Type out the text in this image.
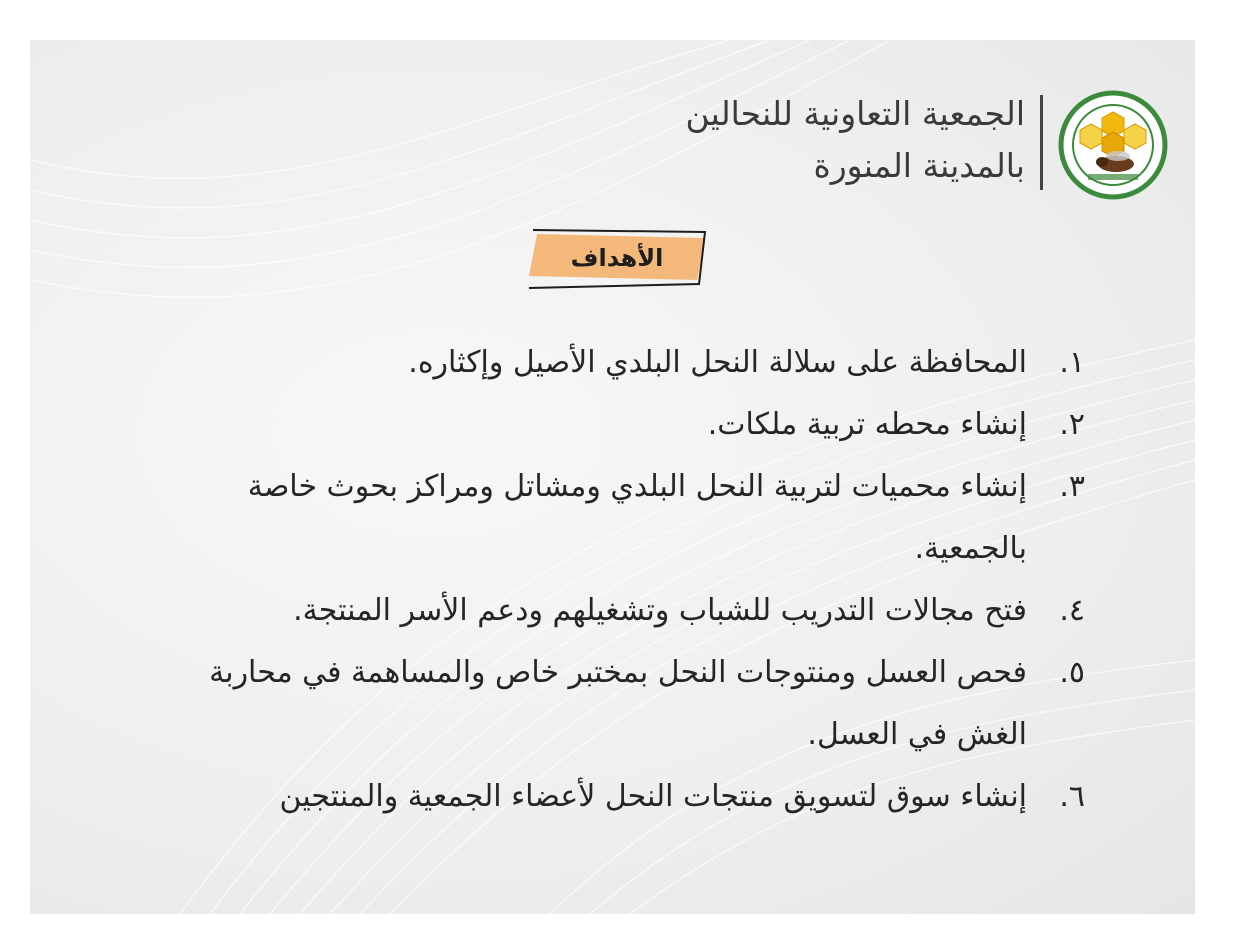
الجمعية التعاونية للنحالين
بالمدينة المنورة
الأهداف
١.
المحافظة على سلالة النحل البلدي الأصيل وإكثاره.
٢.
إنشاء محطه تربية ملكات.
٣.
إنشاء محميات لتربية النحل البلدي ومشاتل ومراكز بحوث خاصة بالجمعية.
٤.
فتح مجالات التدريب للشباب وتشغيلهم ودعم الأسر المنتجة.
٥.
فحص العسل ومنتوجات النحل بمختبر خاص والمساهمة في محاربة الغش في العسل.
٦.
إنشاء سوق لتسويق منتجات النحل لأعضاء الجمعية والمنتجين
